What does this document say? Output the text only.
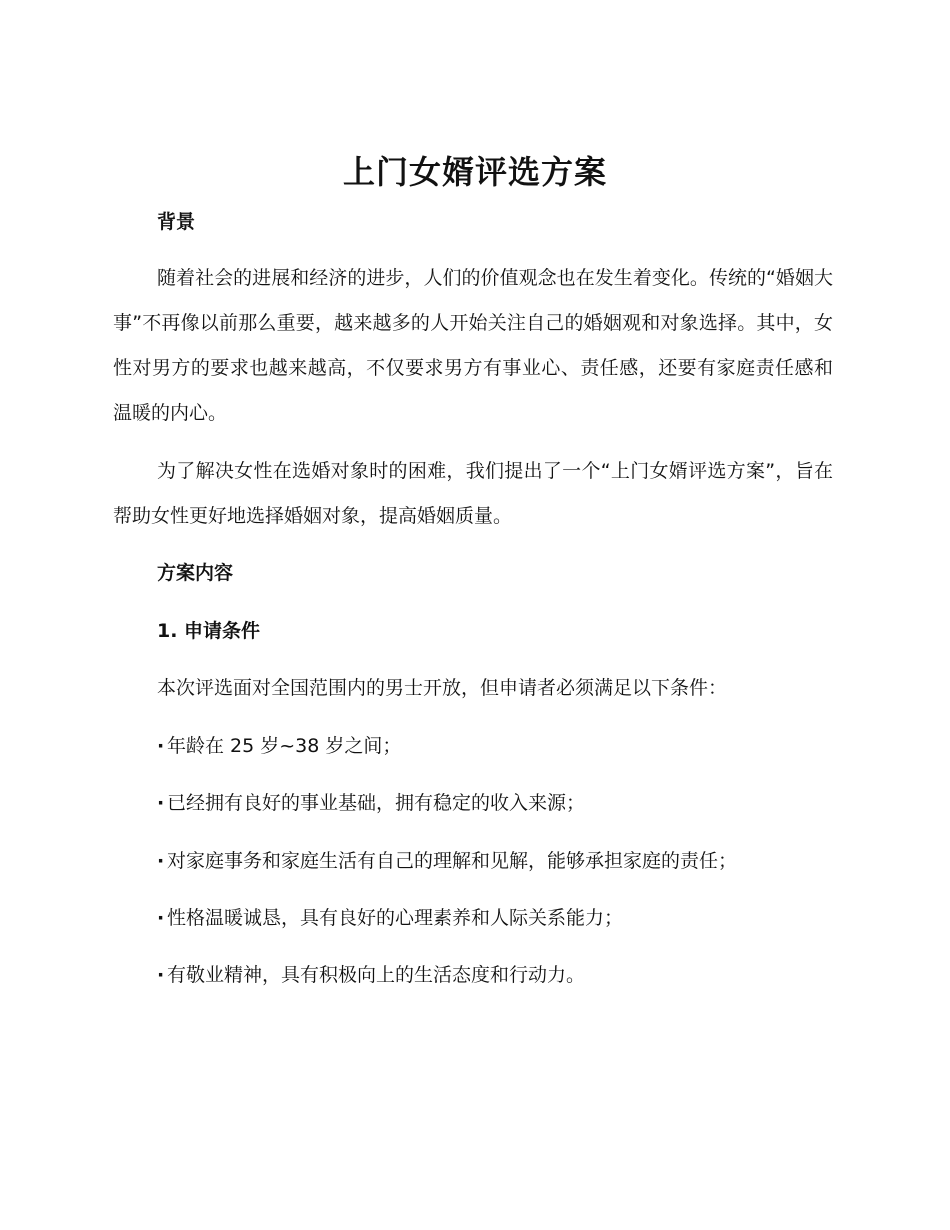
上门女婿评选方案
背景
随着社会的进展和经济的进步，人们的价值观念也在发生着变化。传统的“婚姻大事”不再像以前那么重要，越来越多的人开始关注自己的婚姻观和对象选择。其中，女性对男方的要求也越来越高，不仅要求男方有事业心、责任感，还要有家庭责任感和温暖的内心。
为了解决女性在选婚对象时的困难，我们提出了一个“上门女婿评选方案”，旨在帮助女性更好地选择婚姻对象，提高婚姻质量。
方案内容
1. 申请条件
本次评选面对全国范围内的男士开放，但申请者必须满足以下条件：
· 年龄在 25 岁~38 岁之间；
· 已经拥有良好的事业基础，拥有稳定的收入来源；
· 对家庭事务和家庭生活有自己的理解和见解，能够承担家庭的责任；
· 性格温暖诚恳，具有良好的心理素养和人际关系能力；
· 有敬业精神，具有积极向上的生活态度和行动力。
